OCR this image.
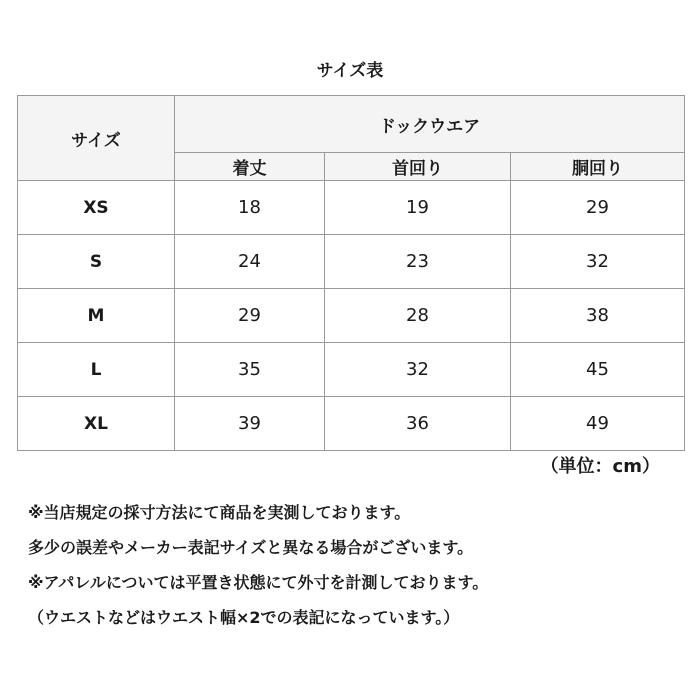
サイズ表
サイズ	ドックウエア		
	着丈	首回り	胴回り
XS	18	19	29
S	24	23	32
M	29	28	38
L	35	32	45
XL	39	36	49
（単位：cm）
※当店規定の採寸方法にて商品を実測しております。
多少の誤差やメーカー表記サイズと異なる場合がございます。
※アパレルについては平置き状態にて外寸を計測しております。
（ウエストなどはウエスト幅×2での表記になっています。）
